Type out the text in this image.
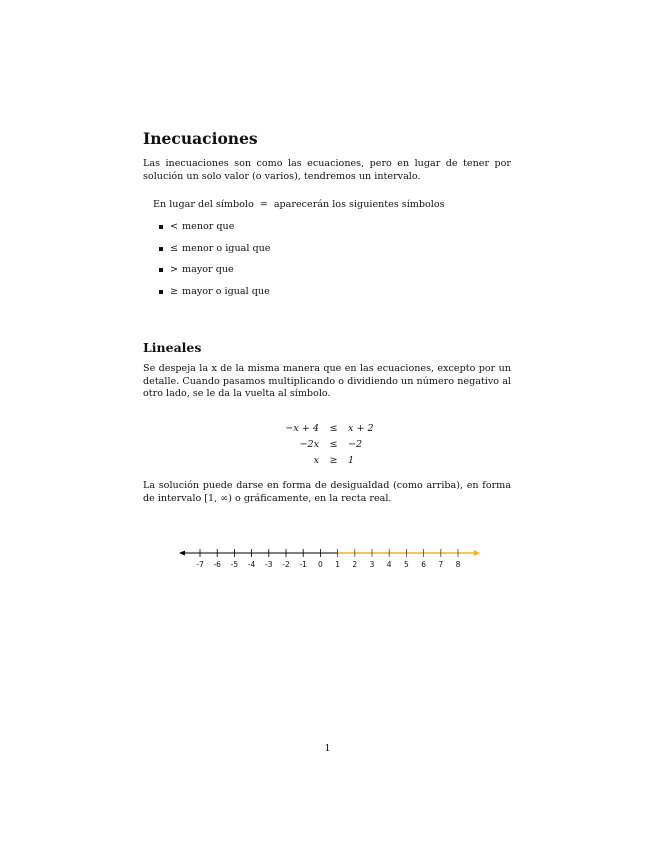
Inecuaciones

Las inecuaciones son como las ecuaciones, pero en lugar de tener por solución un solo valor (o varios), tendremos un intervalo.

En lugar del símbolo = aparecerán los siguientes símbolos

< menor que
≤ menor o igual que
> mayor que
≥ mayor o igual que
Lineales

Se despeja la x de la misma manera que en las ecuaciones, excepto por un detalle. Cuando pasamos multiplicando o dividiendo un número negativo al otro lado, se le da la vuelta al símbolo.

−x + 4	≤	x + 2
−2x	≤	−2
x	≥	1

La solución puede darse en forma de desigualdad (como arriba), en forma de intervalo [1, ∞) o gráficamente, en la recta real.

-7 -6 -5 -4 -3 -2 -1 0 1 2 3 4 5 6 7 8
1
